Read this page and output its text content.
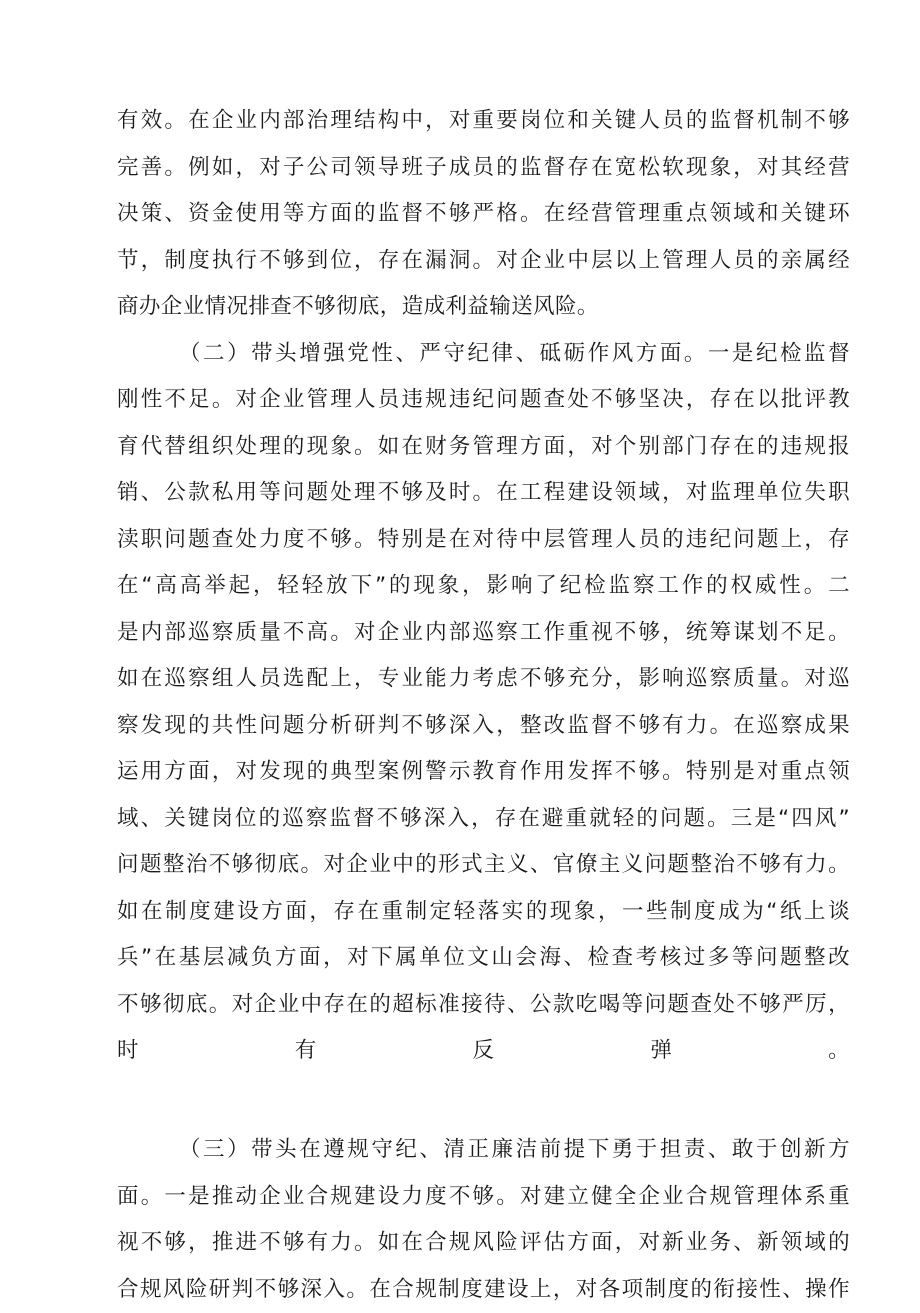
有效。在企业内部治理结构中，对重要岗位和关键人员的监督机制不够
完善。例如，对子公司领导班子成员的监督存在宽松软现象，对其经营
决策、资金使用等方面的监督不够严格。在经营管理重点领域和关键环
节，制度执行不够到位，存在漏洞。对企业中层以上管理人员的亲属经
商办企业情况排查不够彻底，造成利益输送风险。
（二）带头增强党性、严守纪律、砥砺作风方面。一是纪检监督
刚性不足。对企业管理人员违规违纪问题查处不够坚决，存在以批评教
育代替组织处理的现象。如在财务管理方面，对个别部门存在的违规报
销、公款私用等问题处理不够及时。在工程建设领域，对监理单位失职
渎职问题查处力度不够。特别是在对待中层管理人员的违纪问题上，存
在“高高举起，轻轻放下”的现象，影响了纪检监察工作的权威性。二
是内部巡察质量不高。对企业内部巡察工作重视不够，统筹谋划不足。
如在巡察组人员选配上，专业能力考虑不够充分，影响巡察质量。对巡
察发现的共性问题分析研判不够深入，整改监督不够有力。在巡察成果
运用方面，对发现的典型案例警示教育作用发挥不够。特别是对重点领
域、关键岗位的巡察监督不够深入，存在避重就轻的问题。三是“四风”
问题整治不够彻底。对企业中的形式主义、官僚主义问题整治不够有力。
如在制度建设方面，存在重制定轻落实的现象，一些制度成为“纸上谈
兵”在基层减负方面，对下属单位文山会海、检查考核过多等问题整改
不够彻底。对企业中存在的超标准接待、公款吃喝等问题查处不够严厉，
时有反弹。
（三）带头在遵规守纪、清正廉洁前提下勇于担责、敢于创新方
面。一是推动企业合规建设力度不够。对建立健全企业合规管理体系重
视不够，推进不够有力。如在合规风险评估方面，对新业务、新领域的
合规风险研判不够深入。在合规制度建设上，对各项制度的衔接性、操作
